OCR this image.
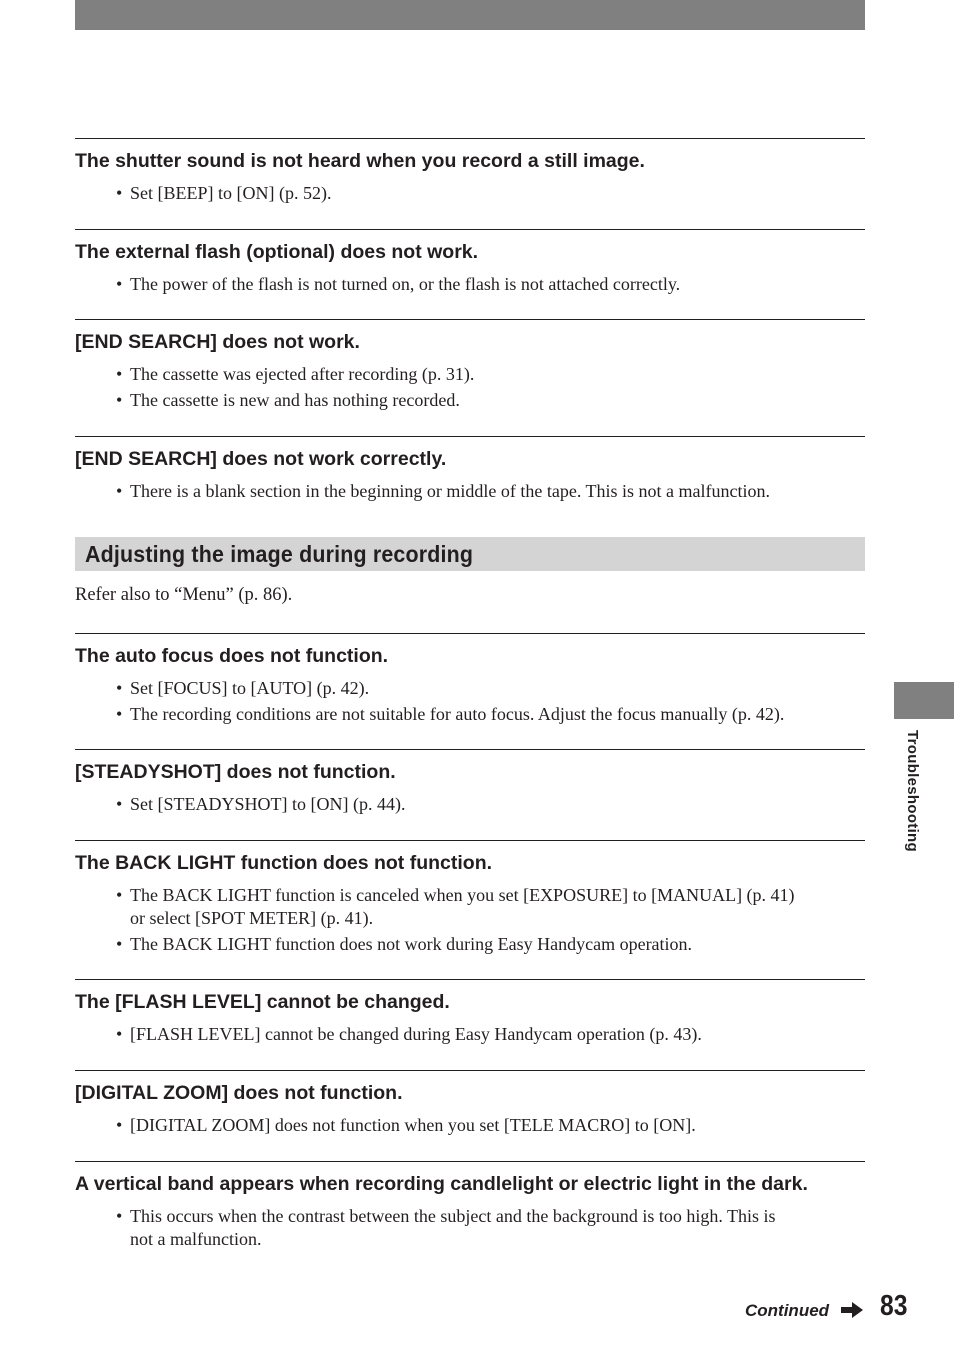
The shutter sound is not heard when you record a still image.
• Set [BEEP] to [ON] (p. 52).
The external flash (optional) does not work.
• The power of the flash is not turned on, or the flash is not attached correctly.
[END SEARCH] does not work.
• The cassette was ejected after recording (p. 31).
• The cassette is new and has nothing recorded.
[END SEARCH] does not work correctly.
• There is a blank section in the beginning or middle of the tape. This is not a malfunction.
Adjusting the image during recording
Refer also to “Menu” (p. 86).
The auto focus does not function.
• Set [FOCUS] to [AUTO] (p. 42).
• The recording conditions are not suitable for auto focus. Adjust the focus manually (p. 42).
[STEADYSHOT] does not function.
• Set [STEADYSHOT] to [ON] (p. 44).
The BACK LIGHT function does not function.
• The BACK LIGHT function is canceled when you set [EXPOSURE] to [MANUAL] (p. 41)
or select [SPOT METER] (p. 41).
• The BACK LIGHT function does not work during Easy Handycam operation.
The [FLASH LEVEL] cannot be changed.
• [FLASH LEVEL] cannot be changed during Easy Handycam operation (p. 43).
[DIGITAL ZOOM] does not function.
• [DIGITAL ZOOM] does not function when you set [TELE MACRO] to [ON].
A vertical band appears when recording candlelight or electric light in the dark.
• This occurs when the contrast between the subject and the background is too high. This is
not a malfunction.
Troubleshooting
Continued 83
